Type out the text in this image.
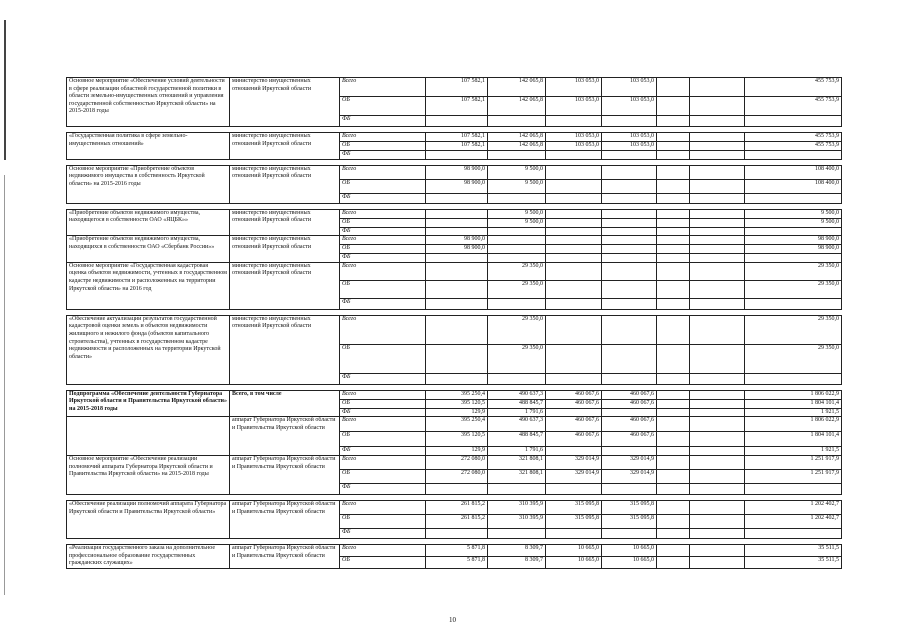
Основное мероприятие «Обеспечение условий деятельности в сфере реализации областной государственной политики в области земельно-имущественных отношений и управления государственной собственностью Иркутской области» на 2015-2018 годы	министерство имущественных отношений Иркутской области	Всего	107 582,1	142 065,8	103 053,0	103 053,0			455 753,9
		ОБ	107 582,1	142 065,8	103 053,0	103 053,0			455 753,9
		ФБ							

«Государственная политика в сфере земельно-имущественных отношений»	министерство имущественных отношений Иркутской области	Всего	107 582,1	142 065,8	103 053,0	103 053,0			455 753,9
		ОБ	107 582,1	142 065,8	103 053,0	103 053,0			455 753,9
		ФБ							

Основное мероприятие «Приобретение объектов недвижимого имущества в собственность Иркутской области» на 2015-2016 годы	министерство имущественных отношений Иркутской области	Всего	98 900,0	9 500,0					108 400,0
		ОБ	98 900,0	9 500,0					108 400,0
		ФБ							

«Приобретение объектов недвижимого имущества, находящегося в собственности ОАО «ЯЦБК»»	министерство имущественных отношений Иркутской области	Всего		9 500,0					9 500,0
		ОБ		9 500,0					9 500,0
		ФБ							
«Приобретение объектов недвижимого имущества, находящихся в собственности ОАО «Сбербанк России»»	министерство имущественных отношений Иркутской области	Всего	98 900,0						98 900,0
		ОБ	98 900,0						98 900,0
		ФБ							
Основное мероприятие «Государственная кадастровая оценка объектов недвижимости, учтенных в государственном кадастре недвижимости и расположенных на территории Иркутской области» на 2016 год	министерство имущественных отношений Иркутской области	Всего		29 350,0					29 350,0
		ОБ		29 350,0					29 350,0
		ФБ							

«Обеспечение актуализации результатов государственной кадастровой оценки земель и объектов недвижимости жилищного и нежилого фонда (объектов капитального строительства), учтенных в государственном кадастре недвижимости и расположенных на территории Иркутской области»	министерство имущественных отношений Иркутской области	Всего		29 350,0					29 350,0
		ОБ		29 350,0					29 350,0
		ФБ							

Подпрограмма «Обеспечение деятельности Губернатора Иркутской области и Правительства Иркутской области» на 2015-2018 годы	Всего, в том числе	Всего	395 250,4	490 637,3	460 067,6	460 067,6			1 806 022,9
		ОБ	395 120,5	488 845,7	460 067,6	460 067,6			1 804 101,4
		ФБ	129,9	1 791,6					1 921,5
	аппарат Губернатора Иркутской области и Правительства Иркутской области	Всего	395 250,4	490 637,3	460 067,6	460 067,6			1 806 022,9
		ОБ	395 120,5	488 845,7	460 067,6	460 067,6			1 804 101,4
		ФБ	129,9	1 791,6					1 921,5
Основное мероприятие «Обеспечение реализации полномочий аппарата Губернатора Иркутской области и Правительства Иркутской области» на 2015-2018 годы	аппарат Губернатора Иркутской области и Правительства Иркутской области	Всего	272 080,0	321 808,1	329 014,9	329 014,9			1 251 917,9
		ОБ	272 080,0	321 808,1	329 014,9	329 014,9			1 251 917,9
		ФБ							

«Обеспечение реализации полномочий аппарата Губернатора Иркутской области и Правительства Иркутской области»	аппарат Губернатора Иркутской области и Правительства Иркутской области	Всего	261 815,2	310 395,9	315 095,8	315 095,8			1 202 402,7
		ОБ	261 815,2	310 395,9	315 095,8	315 095,8			1 202 402,7
		ФБ							

«Реализация государственного заказа на дополнительное профессиональное образование государственных гражданских служащих»	аппарат Губернатора Иркутской области и Правительства Иркутской области	Всего	5 871,8	8 309,7	10 665,0	10 665,0			35 511,5
		ОБ	5 871,8	8 309,7	10 665,0	10 665,0			35 511,5
10
